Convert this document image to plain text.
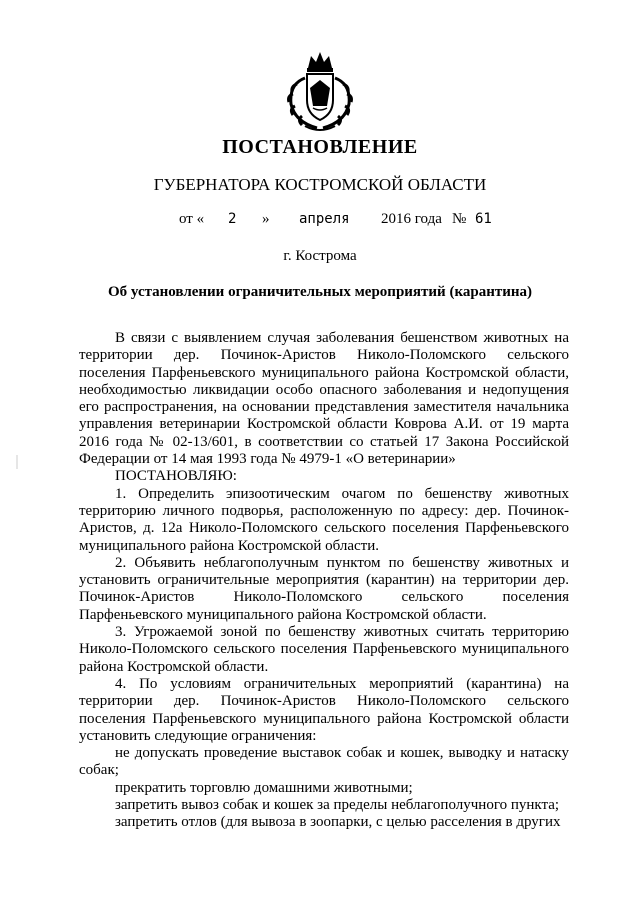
ПОСТАНОВЛЕНИЕ
ГУБЕРНАТОРА КОСТРОМСКОЙ ОБЛАСТИ
от « 2 » апреля 2016 года № 61
г. Кострома
Об установлении ограничительных мероприятий (карантина)

В связи с выявлением случая заболевания бешенством животных на территории дер. Починок-Аристов Николо-Поломского сельского поселения Парфеньевского муниципального района Костромской области, необходимостью ликвидации особо опасного заболевания и недопущения его распространения, на основании представления заместителя начальника управления ветеринарии Костромской области Коврова А.И. от 19 марта 2016 года № 02-13/601, в соответствии со статьей 17 Закона Российской Федерации от 14 мая 1993 года № 4979-1 «О ветеринарии»

ПОСТАНОВЛЯЮ:

1. Определить эпизоотическим очагом по бешенству животных территорию личного подворья, расположенную по адресу: дер. Починок-Аристов, д. 12а Николо-Поломского сельского поселения Парфеньевского муниципального района Костромской области.

2. Объявить неблагополучным пунктом по бешенству животных и установить ограничительные мероприятия (карантин) на территории дер. Починок-Аристов Николо-Поломского сельского поселения Парфеньевского муниципального района Костромской области.

3. Угрожаемой зоной по бешенству животных считать территорию Николо-Поломского сельского поселения Парфеньевского муниципального района Костромской области.

4. По условиям ограничительных мероприятий (карантина) на территории дер. Починок-Аристов Николо-Поломского сельского поселения Парфеньевского муниципального района Костромской области установить следующие ограничения:

не допускать проведение выставок собак и кошек, выводку и натаску собак;

прекратить торговлю домашними животными;

запретить вывоз собак и кошек за пределы неблагополучного пункта;

запретить отлов (для вывоза в зоопарки, с целью расселения в других
